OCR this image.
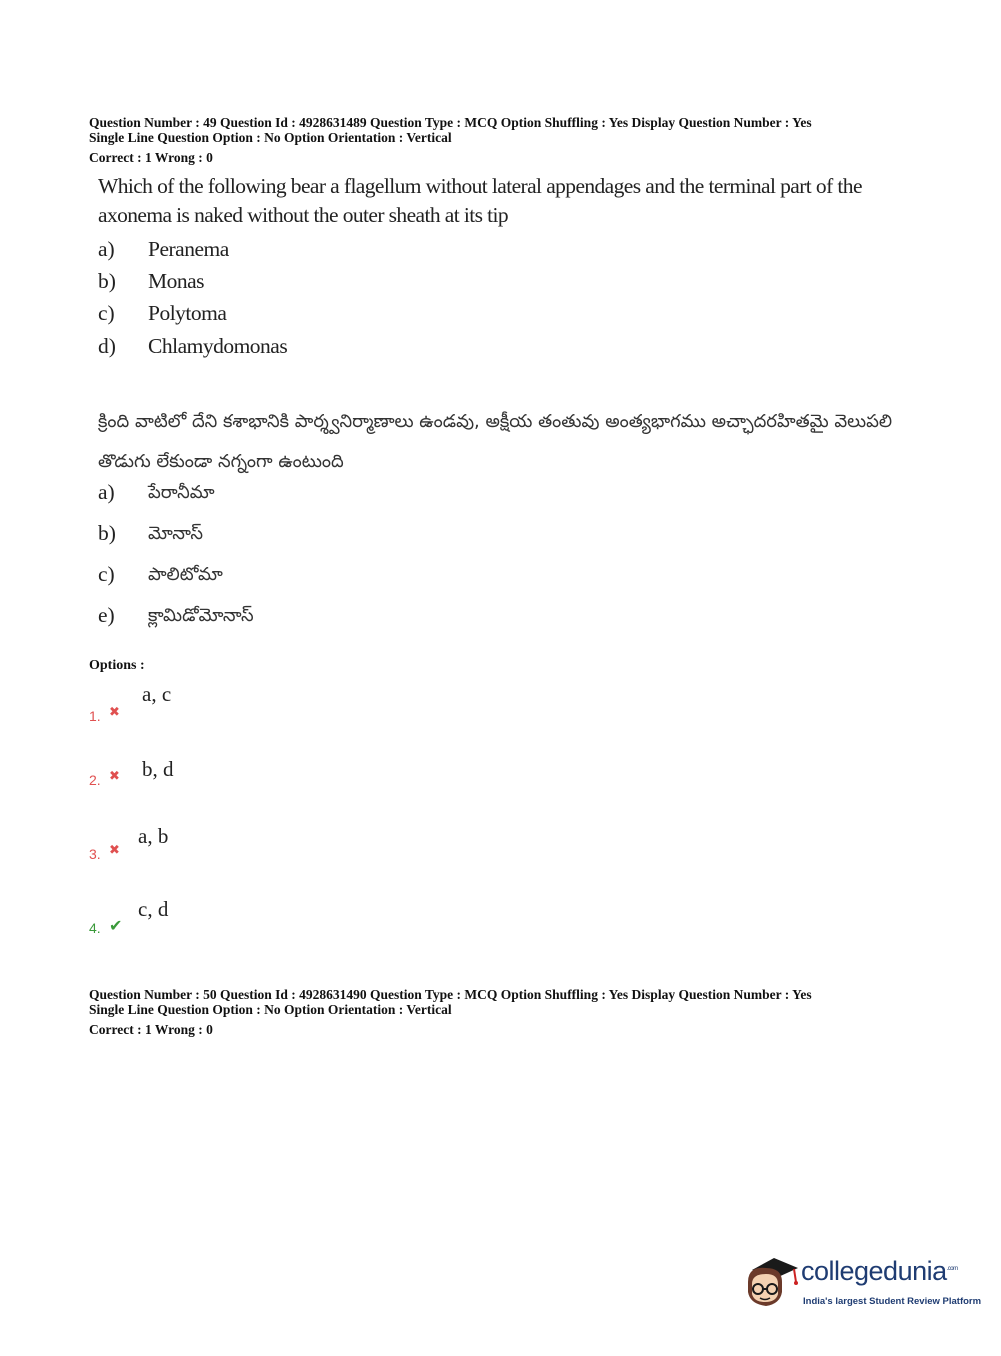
Question Number : 49 Question Id : 4928631489 Question Type : MCQ Option Shuffling : Yes Display Question Number : Yes
Single Line Question Option : No Option Orientation : Vertical
Correct : 1 Wrong : 0
Which of the following bear a flagellum without lateral appendages and the terminal part of the axonema is naked without the outer sheath at its tip
a) Peranema
b) Monas
c) Polytoma
d) Chlamydomonas
క్రింది వాటిలో దేని కశాభానికి పార్శ్వనిర్మాణాలు ఉండవు, అక్షీయ తంతువు అంత్యభాగము అచ్ఛాదరహితమై వెలుపలి తొడుగు లేకుండా నగ్నంగా ఉంటుంది
a) పేరానీమా
b) మోనాస్
c) పాలిటోమా
e) క్లామిడోమోనాస్
Options :
1. ✖
a, c
2. ✖ b, d
3. ✖
a, b
4. ✔
c, d
Question Number : 50 Question Id : 4928631490 Question Type : MCQ Option Shuffling : Yes Display Question Number : Yes
Single Line Question Option : No Option Orientation : Vertical
Correct : 1 Wrong : 0
collegedunia$^{.com}$
India's largest Student Review Platform
